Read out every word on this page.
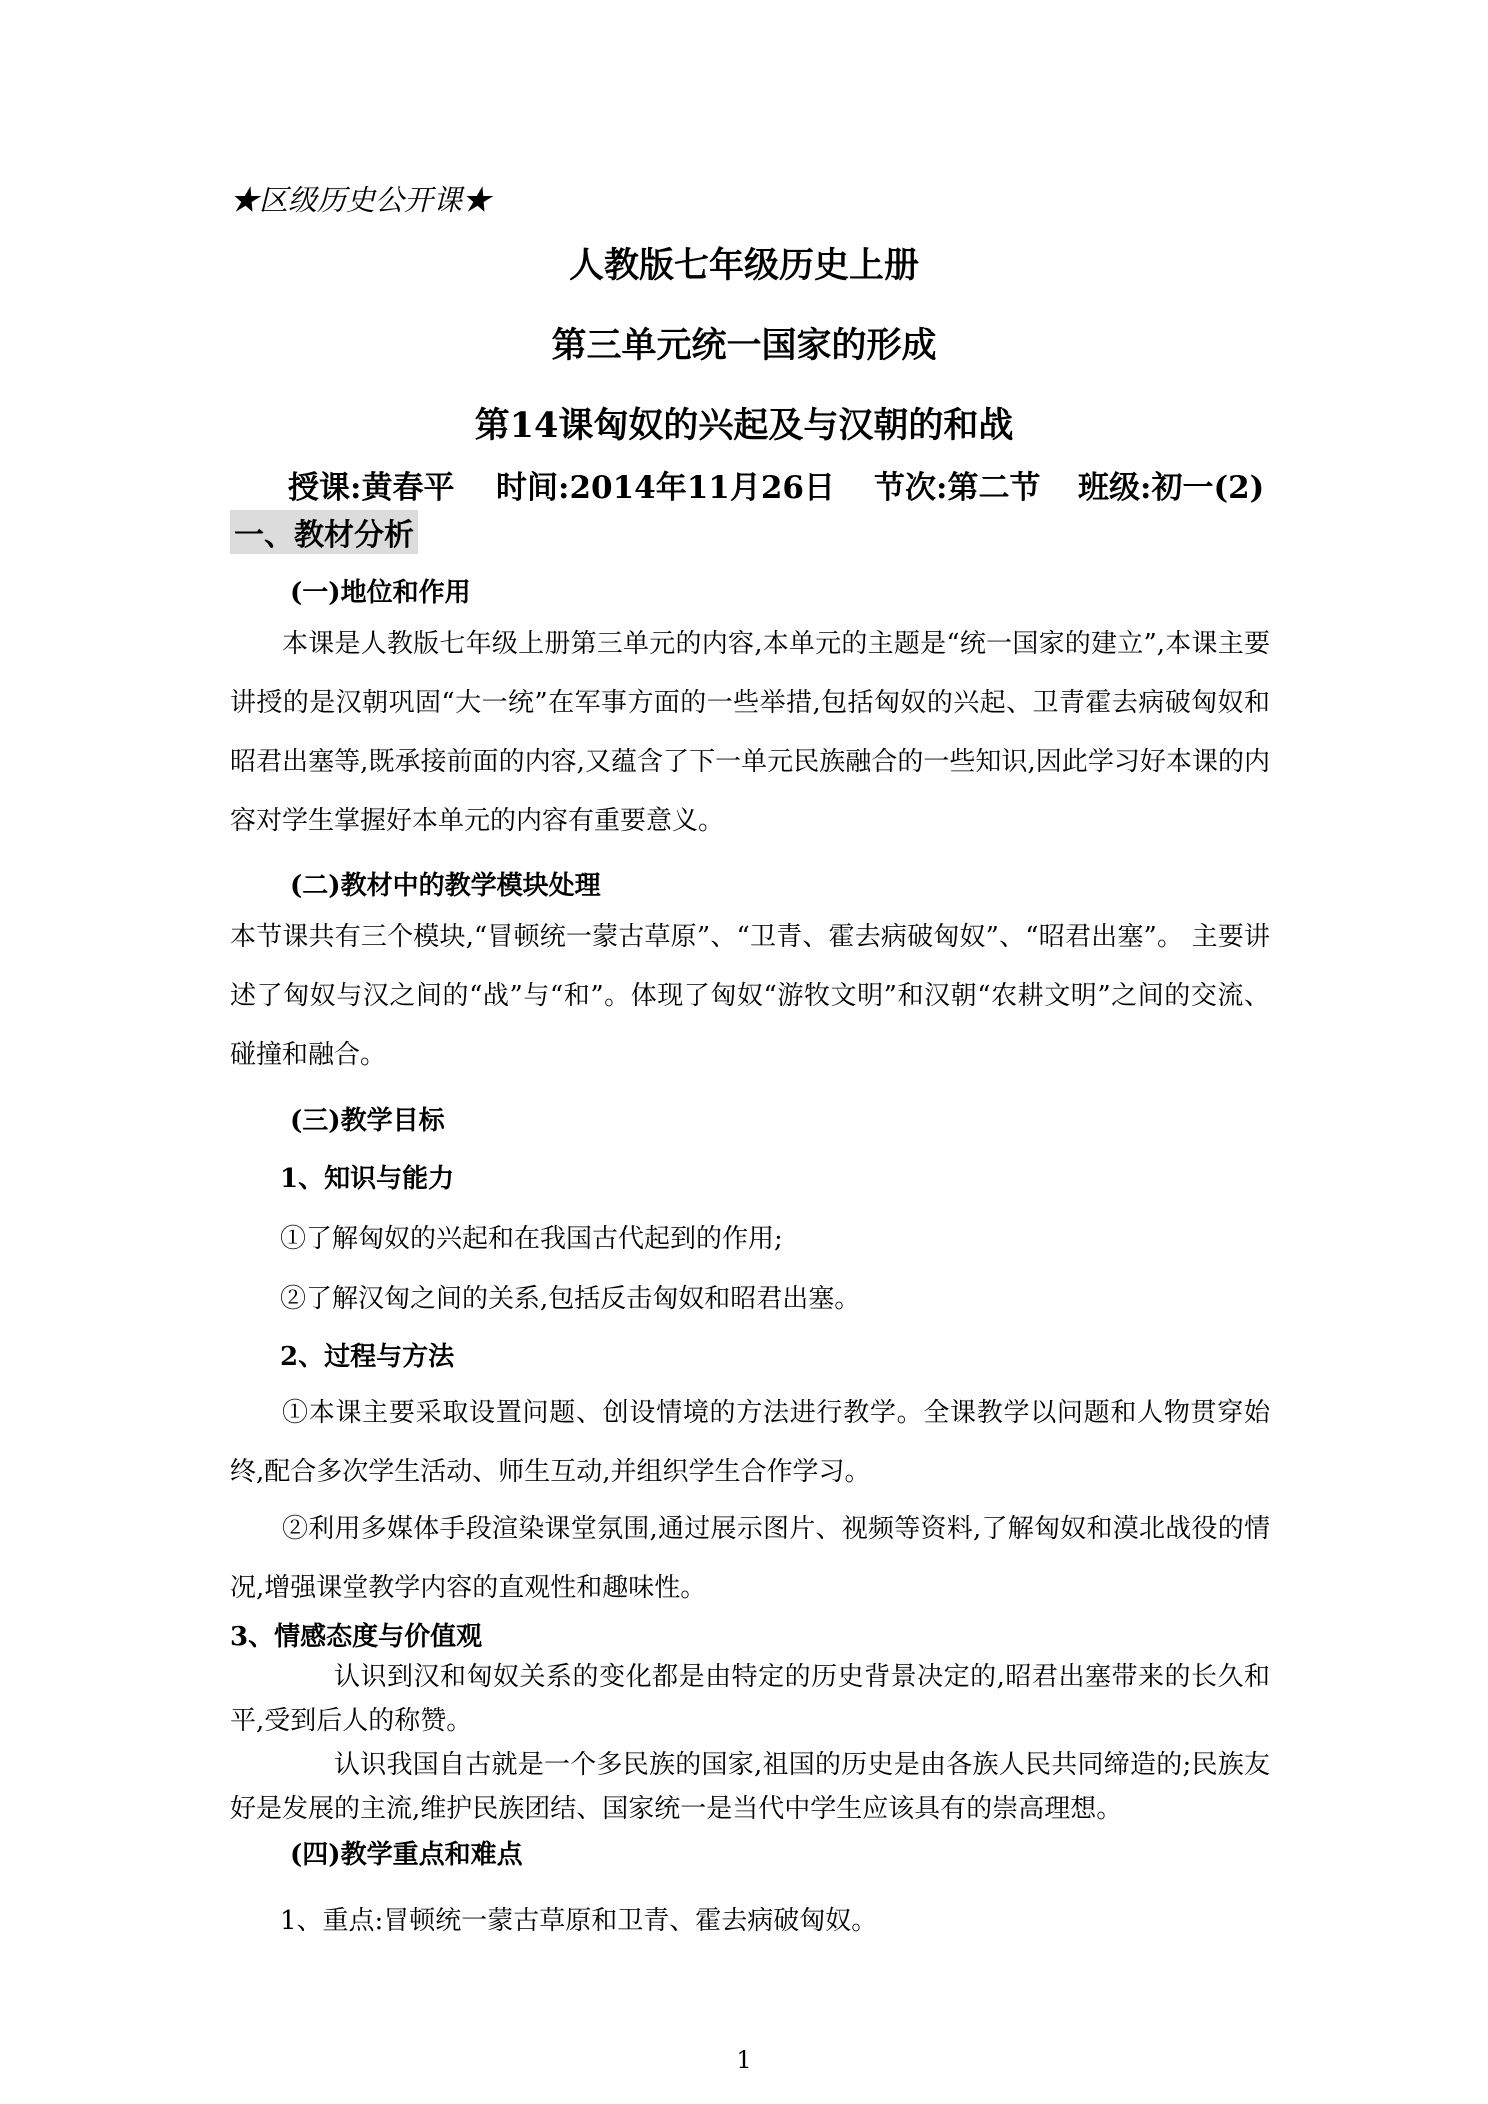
★区级历史公开课★
人教版七年级历史上册
第三单元统一国家的形成
第14课匈奴的兴起及与汉朝的和战
授课:黄春平 时间:2014年11月26日 节次:第二节 班级:初一(2)
一、教材分析
(一)地位和作用
本课是人教版七年级上册第三单元的内容,本单元的主题是“统一国家的建立”,本课主要讲授的是汉朝巩固“大一统”在军事方面的一些举措,包括匈奴的兴起、卫青霍去病破匈奴和昭君出塞等,既承接前面的内容,又蕴含了下一单元民族融合的一些知识,因此学习好本课的内容对学生掌握好本单元的内容有重要意义。
(二)教材中的教学模块处理
本节课共有三个模块,“冒顿统一蒙古草原”、“卫青、霍去病破匈奴”、“昭君出塞”。 主要讲述了匈奴与汉之间的“战”与“和”。体现了匈奴“游牧文明”和汉朝“农耕文明”之间的交流、碰撞和融合。
(三)教学目标
1、知识与能力
①了解匈奴的兴起和在我国古代起到的作用;
②了解汉匈之间的关系,包括反击匈奴和昭君出塞。
2、过程与方法
①本课主要采取设置问题、创设情境的方法进行教学。全课教学以问题和人物贯穿始终,配合多次学生活动、师生互动,并组织学生合作学习。
②利用多媒体手段渲染课堂氛围,通过展示图片、视频等资料,了解匈奴和漠北战役的情况,增强课堂教学内容的直观性和趣味性。
3、情感态度与价值观
认识到汉和匈奴关系的变化都是由特定的历史背景决定的,昭君出塞带来的长久和平,受到后人的称赞。
认识我国自古就是一个多民族的国家,祖国的历史是由各族人民共同缔造的;民族友好是发展的主流,维护民族团结、国家统一是当代中学生应该具有的崇高理想。
(四)教学重点和难点
1、重点:冒顿统一蒙古草原和卫青、霍去病破匈奴。
1
